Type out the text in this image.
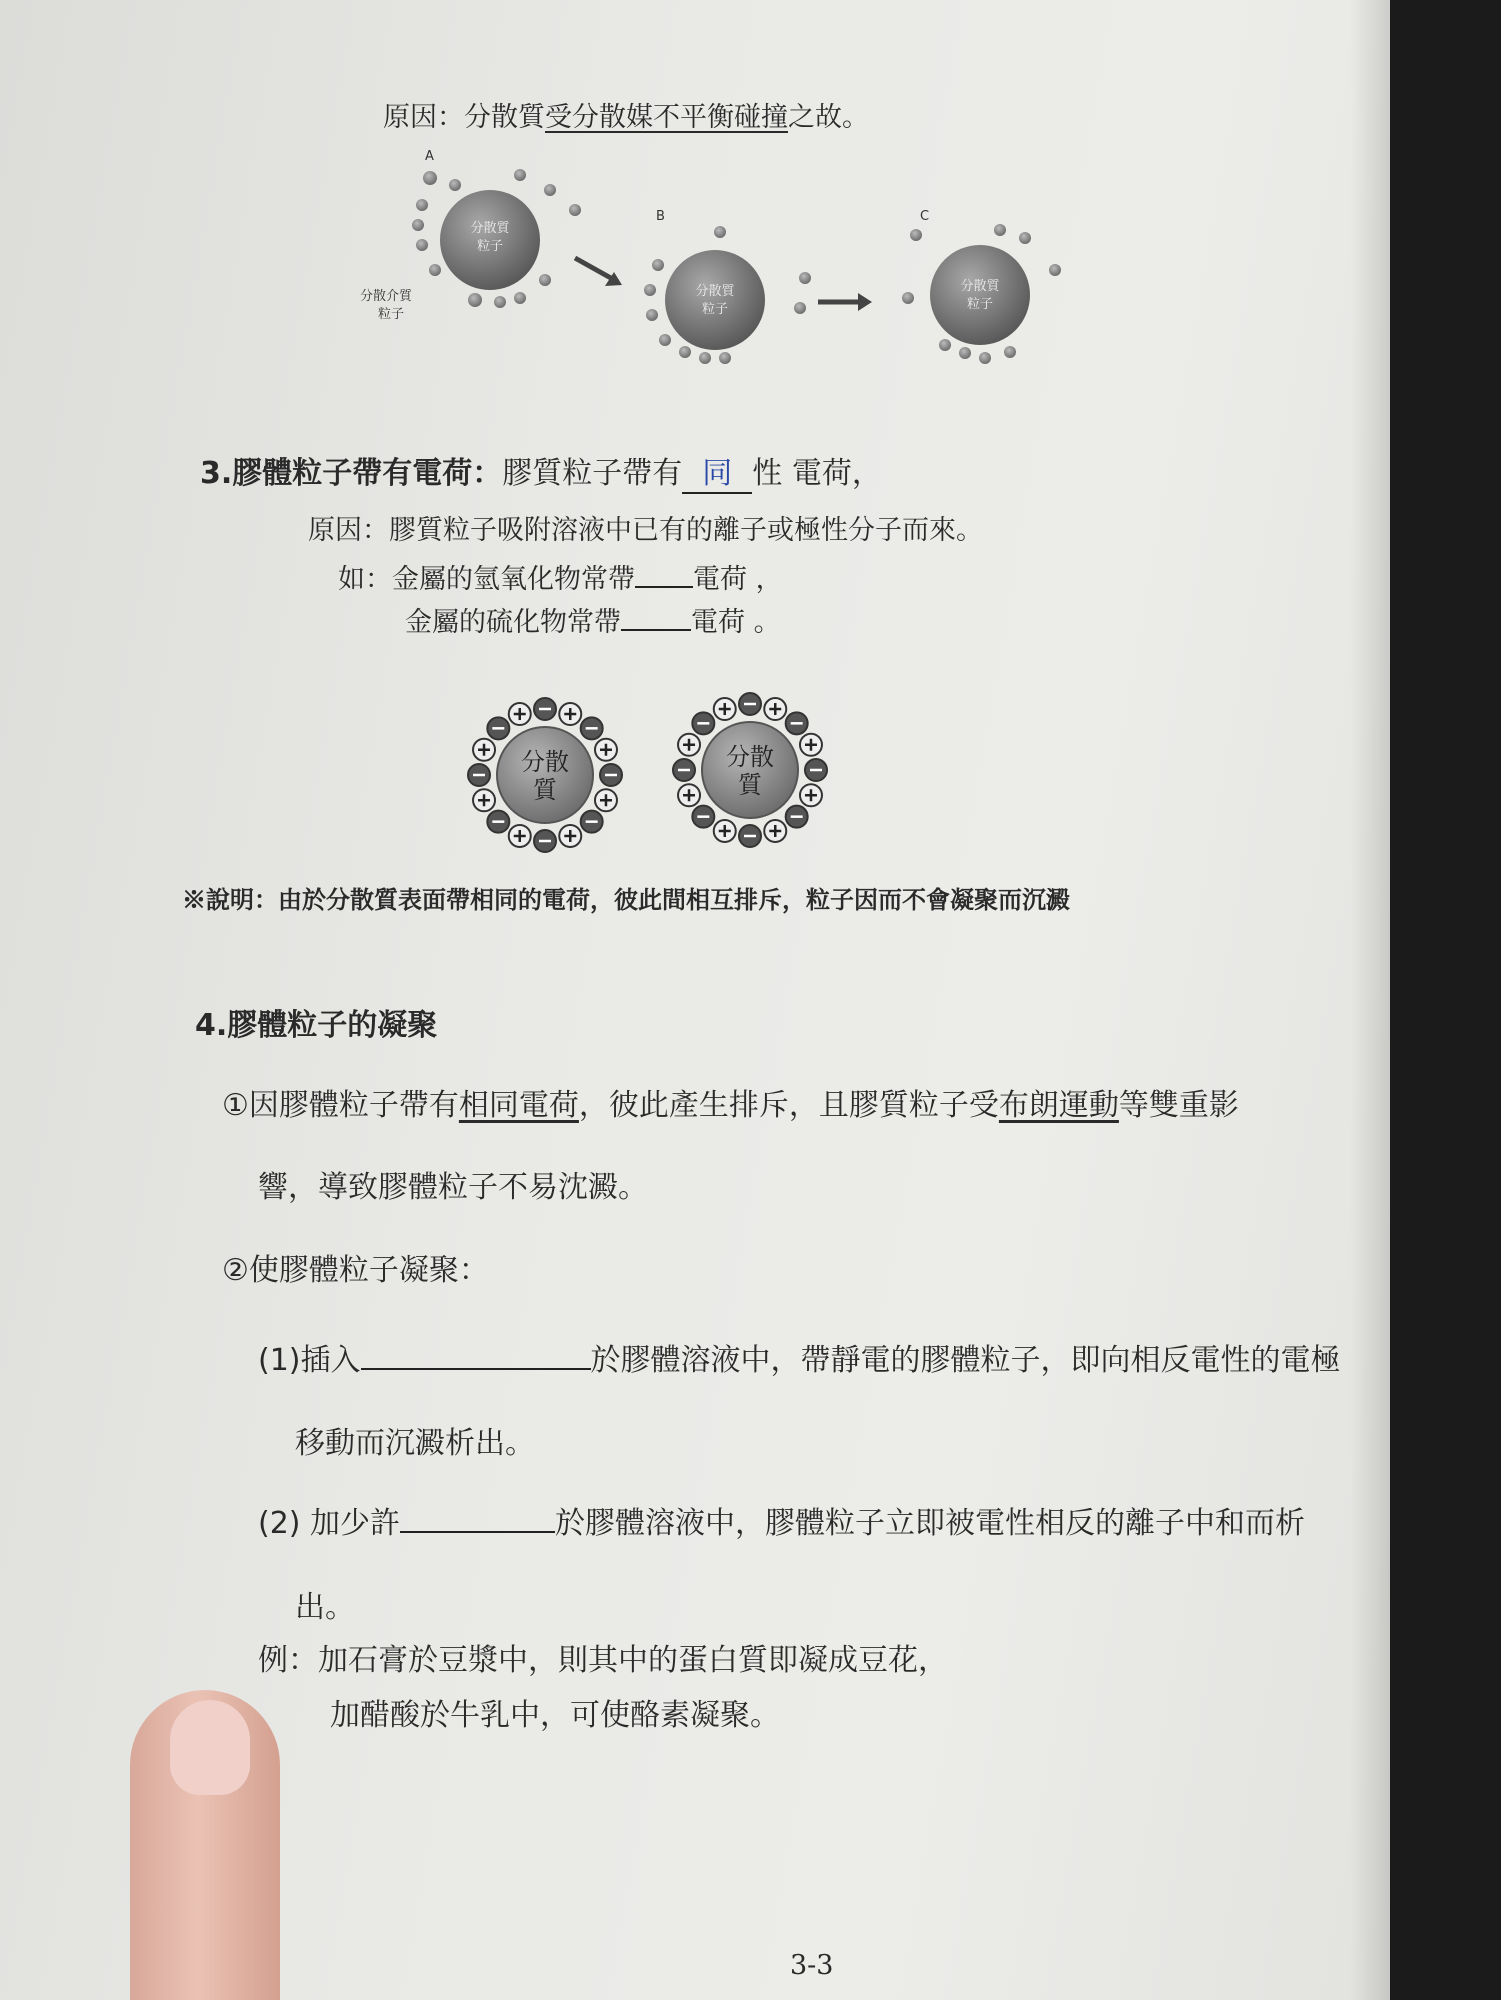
原因：分散質受分散媒不平衡碰撞之故。
A
分散質
粒子
分散介質
粒子
B
分散質
粒子
C
分散質
粒子
3.膠體粒子帶有電荷：膠質粒子帶有 同 性 電荷，
原因：膠質粒子吸附溶液中已有的離子或極性分子而來。
如：金屬的氫氧化物常帶 電荷 ，
金屬的硫化物常帶	電荷 。
分散
質
分散
質
※說明：由於分散質表面帶相同的電荷，彼此間相互排斥，粒子因而不會凝聚而沉澱
4.膠體粒子的凝聚
①因膠體粒子帶有相同電荷，彼此產生排斥，且膠質粒子受布朗運動等雙重影
響，導致膠體粒子不易沈澱。
②使膠體粒子凝聚：
(1)插入	於膠體溶液中，帶靜電的膠體粒子，即向相反電性的電極
移動而沉澱析出。
(2) 加少許	於膠體溶液中，膠體粒子立即被電性相反的離子中和而析
出。
例：加石膏於豆漿中，則其中的蛋白質即凝成豆花，
加醋酸於牛乳中，可使酪素凝聚。
3-3
